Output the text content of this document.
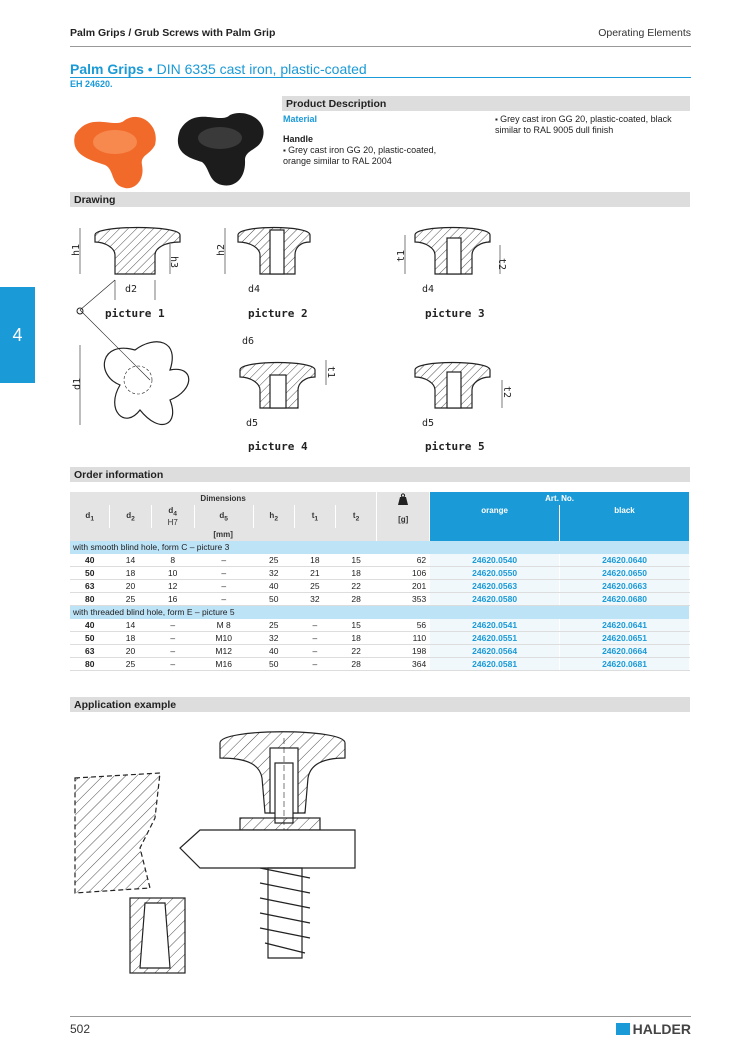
Palm Grips / Grub Screws with Palm Grip	Operating Elements
Palm Grips • DIN 6335 cast iron, plastic-coated
EH 24620.
4
Product Description
Material
Handle
▪ Grey cast iron GG 20, plastic-coated, orange similar to RAL 2004
▪ Grey cast iron GG 20, plastic-coated, black similar to RAL 9005 dull finish
Drawing
h1
h3
d2
picture 1
h2
d4
picture 2
t1
t2
d4
picture 3
d1
d6
t1
d5
picture 4
t2
d5
picture 5
Order information
Dimensions							[g]	Art. No.	
$d_1$	$d_2$	$d_4$
H7	$d_5$	$h_2$	$t_1$	$t_2$		orange	black
[mm]									
with smooth blind hole, form C – picture 3									
40	14	8	–	25	18	15	62	24620.0540	24620.0640
50	18	10	–	32	21	18	106	24620.0550	24620.0650
63	20	12	–	40	25	22	201	24620.0563	24620.0663
80	25	16	–	50	32	28	353	24620.0580	24620.0680
with threaded blind hole, form E – picture 5									
40	14	–	M 8	25	–	15	56	24620.0541	24620.0641
50	18	–	M10	32	–	18	110	24620.0551	24620.0651
63	20	–	M12	40	–	22	198	24620.0564	24620.0664
80	25	–	M16	50	–	28	364	24620.0581	24620.0681
Application example
502	HALDER
